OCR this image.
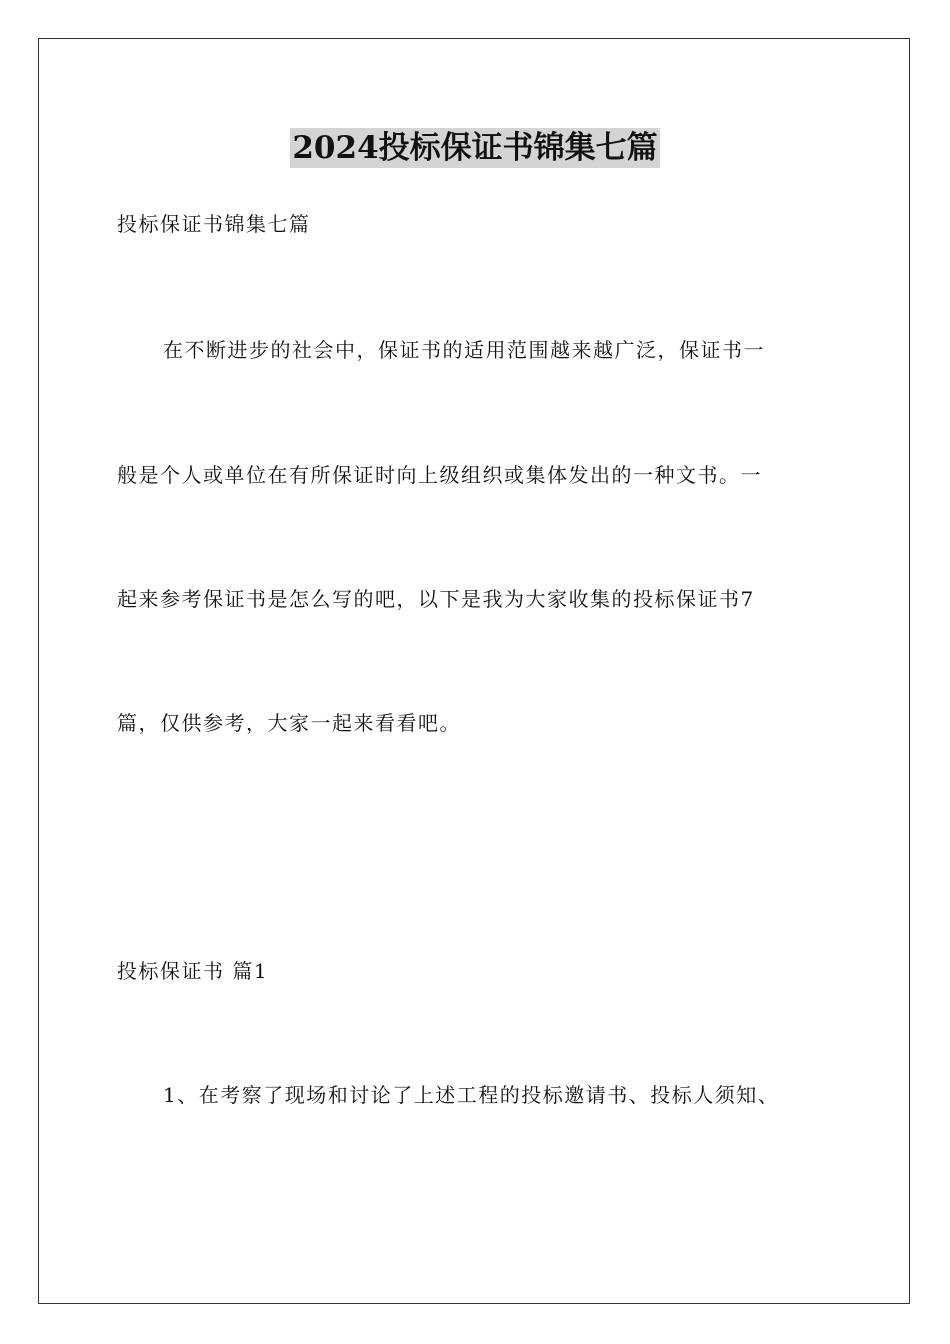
2024投标保证书锦集七篇
投标保证书锦集七篇
在不断进步的社会中，保证书的适用范围越来越广泛，保证书一
般是个人或单位在有所保证时向上级组织或集体发出的一种文书。一
起来参考保证书是怎么写的吧，以下是我为大家收集的投标保证书7
篇，仅供参考，大家一起来看看吧。
投标保证书 篇1
1、在考察了现场和讨论了上述工程的投标邀请书、投标人须知、
